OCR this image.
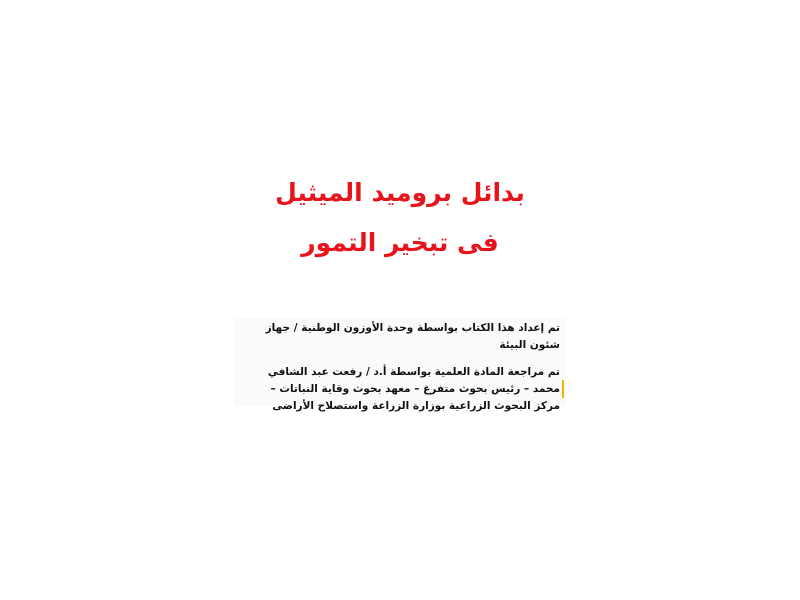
بدائل بروميد الميثيل
فى تبخير التمور

تم إعداد هذا الكتاب بواسطة وحدة الأوزون الوطنية / جهاز شئون البيئة

تم مراجعة المادة العلمية بواسطة أ.د / رفعت عبد الشافي محمد – رئيس بحوث متفرغ – معهد بحوث وقاية النباتات – مركز البحوث الزراعية بوزارة الزراعة واستصلاح الأراضى
